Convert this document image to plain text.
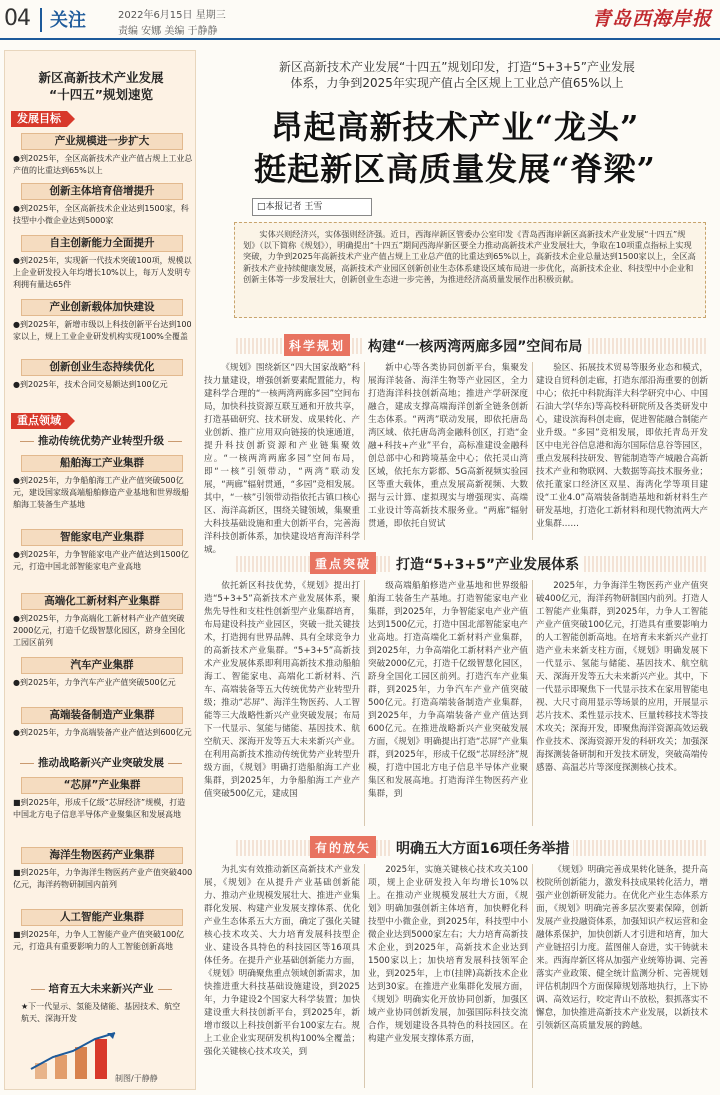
04 关注	2022年6月15日 星期三
责编 安娜 美编 于静静
青岛西海岸报
新区高新技术产业发展
“十四五”规划速览
发展目标
产业规模进一步扩大
●到2025年，全区高新技术产业产值占规上工业总产值的比重达到65%以上
创新主体培育倍增提升
●到2025年，全区高新技术企业达到1500家，科技型中小微企业达到5000家
自主创新能力全面提升
●到2025年，实现新一代技术突破100项，规模以上企业研发投入年均增长10%以上，每万人发明专利拥有量达65件
产业创新载体加快建设
●到2025年，新增市级以上科技创新平台达到100家以上，规上工业企业研发机构实现100%全覆盖
创新创业生态持续优化
●到2025年，技术合同交易额达到100亿元
重点领域
推动传统优势产业转型升级
船舶海工产业集群
●到2025年，力争船舶海工产业产值突破500亿元，建设国家级高端船舶修造产业基地和世界级船舶海工装备生产基地
智能家电产业集群
●到2025年，力争智能家电产业产值达到1500亿元，打造中国北部智能家电产业高地
高端化工新材料产业集群
●到2025年，力争高端化工新材料产业产值突破2000亿元，打造千亿级智慧化园区，跻身全国化工园区前列
汽车产业集群
●到2025年，力争汽车产业产值突破500亿元
高端装备制造产业集群
●到2025年，力争高端装备产业产值达到600亿元
推动战略新兴产业突破发展
“芯屏”产业集群
■到2025年，形成千亿级“芯屏经济”规模，打造中国北方电子信息半导体产业聚集区和发展高地
海洋生物医药产业集群
■到2025年，力争海洋生物医药产业产值突破400亿元，海洋药物研制国内前列
人工智能产业集群
■到2025年，力争人工智能产业产值突破100亿元，打造具有重要影响力的人工智能创新高地
培育五大未来新兴产业
★下一代显示、氢能及储能、基因技术、航空航天、深海开发
制图/于静静
新区高新技术产业发展“十四五”规划印发，打造“5+3+5”产业发展
体系，力争到2025年实现产值占全区规上工业总产值65%以上
昂起高新技术产业“龙头”
挺起新区高质量发展“脊梁”
□本报记者 王雪
实体兴则经济兴，实体强则经济强。近日，西海岸新区管委办公室印发《青岛西海岸新区高新技术产业发展“十四五”规划》（以下简称《规划》），明确提出“十四五”期间西海岸新区要全力推动高新技术产业发展壮大，争取在10项重点指标上实现突破，力争到2025年高新技术产业产值占规上工业总产值的比重达到65%以上，高新技术企业总量达到1500家以上，全区高新技术产业持续健康发展，高新技术产业园区创新创业生态体系建设区域布局进一步优化，高新技术企业、科技型中小企业和创新主体等一步发展壮大，创新创业生态进一步完善，为推进经济高质量发展作出积极贡献。
科学规划	构建“一核两湾两廊多园”空间布局

《规划》围绕新区“四大国家战略”科技力量建设，增强创新要素配置能力，构建科学合理的“一核两湾两廊多园”空间布局，加快科技资源互联互通和开放共享，打造基础研究、技术研发、成果转化、产业创新、推广应用双向链接的快速通道，提升科技创新资源和产业链集聚效应。“一核两湾两廊多园”空间布局，即“一核”引领带动，“两湾”联动发展，“两廊”辐射贯通，“多园”竞相发展。其中，“一核”引领带动指依托古镇口核心区、海洋高新区，围绕关键领域，集聚重大科技基础设施和重大创新平台，完善海洋科技创新体系，加快建设培育海洋科学城。

新中心等各类协同创新平台，集聚发展海洋装备、海洋生物等产业园区，全力打造海洋科技创新高地；推进产学研深度融合，建成支撑高端海洋创新全链条创新生态体系。“两湾”联动发展，即依托唐岛湾区域、依托唐岛湾金融科创区，打造“金融+科技+产业”平台，高标准建设金融科创总部中心和跨境基金中心；依托灵山湾区域，依托东方影都、5G高新视频实验园区等重大载体，重点发展高新视频、大数据与云计算、虚拟现实与增强现实、高端工业设计等高新技术服务业。“两廊”辐射贯通，即依托自贸试

验区、拓展技术贸易等服务业态和模式，建设自贸科创走廊，打造东部沿海重要的创新中心；依托中科院海洋大科学研究中心、中国石油大学(华东)等高校科研院所及各类研发中心，建设滨海科创走廊，促进智能融合制能产业升级。“多园”竞相发展，即依托青岛开发区中电光谷信息港和海尔国际信息谷等园区，重点发展科技研发、智能制造等产城融合高新技术产业和物联网、大数据等高技术服务业；依托董家口经济区双星、海湾化学等项目建设“工业4.0”高端装备制造基地和新材料生产研发基地，打造化工新材料和现代物流两大产业集群……

重点突破	打造“5+3+5”产业发展体系

依托新区科技优势，《规划》提出打造“5+3+5”高新技术产业发展体系，聚焦先导性和支柱性创新型产业集群培育，布局建设科技产业园区，突破一批关键技术，打造拥有世界品牌、具有全球竞争力的高新技术产业集群。“5+3+5”高新技术产业发展体系即利用高新技术推动船舶海工、智能家电、高端化工新材料、汽车、高端装备等五大传统优势产业转型升级；推动“芯屏”、海洋生物医药、人工智能等三大战略性新兴产业突破发展；布局下一代显示、氢能与储能、基因技术、航空航天、深海开发等五大未来新兴产业。在利用高新技术推动传统优势产业转型升级方面，《规划》明确打造船舶海工产业集群，到2025年，力争船舶海工产业产值突破500亿元，建成国

级高端船舶修造产业基地和世界级船舶海工装备生产基地。打造智能家电产业集群，到2025年，力争智能家电产业产值达到1500亿元，打造中国北部智能家电产业高地。打造高端化工新材料产业集群，到2025年，力争高端化工新材料产业产值突破2000亿元，打造千亿级智慧化园区，跻身全国化工园区前列。打造汽车产业集群，到2025年，力争汽车产业产值突破500亿元。打造高端装备制造产业集群，到2025年，力争高端装备产业产值达到600亿元。在推进战略新兴产业突破发展方面，《规划》明确提出打造“芯屏”产业集群，到2025年，形成千亿级“芯屏经济”规模，打造中国北方电子信息半导体产业聚集区和发展高地。打造海洋生物医药产业集群，到

2025年，力争海洋生物医药产业产值突破400亿元，海洋药物研制国内前列。打造人工智能产业集群，到2025年，力争人工智能产业产值突破100亿元，打造具有重要影响力的人工智能创新高地。在培育未来新兴产业打造产业未来新支柱方面，《规划》明确发展下一代显示、氢能与储能、基因技术、航空航天、深海开发等五大未来新兴产业。其中，下一代显示即聚焦下一代显示技术在家用智能电视、大尺寸商用显示等场景的应用，开展显示芯片技术、柔性显示技术、巨量转移技术等技术攻关；深海开发，即聚焦海洋资源高效运载作业技术、深海资源开发的科研攻关；加强深海探测装备研制和开发技术研发，突破高端传感器、高温芯片等深度探测核心技术。

有的放矢	明确五大方面16项任务举措

为扎实有效推动新区高新技术产业发展，《规划》在从提升产业基础创新能力、推动产业规模发展壮大、推进产业集群化发展、构建产业发展支撑体系、优化产业生态体系五大方面，确定了强化关键核心技术攻关、大力培育发展科技型企业、建设各具特色的科技园区等16项具体任务。在提升产业基础创新能力方面，《规划》明确聚焦重点领域创新需求，加快推进重大科技基础设施建设，到2025年，力争建设2个国家大科学装置；加快建设重大科技创新平台，到2025年，新增市级以上科技创新平台100家左右。规上工业企业实现研发机构100%全覆盖；强化关键核心技术攻关，到

2025年，实施关键核心技术攻关100项，规上企业研发投入年均增长10%以上。在推动产业规模发展壮大方面，《规划》明确加强创新主体培育，加快孵化科技型中小微企业，到2025年，科技型中小微企业达到5000家左右；大力培育高新技术企业，到2025年，高新技术企业达到1500家以上；加快培育发展科技领军企业，到2025年，上市(挂牌)高新技术企业达到30家。在推进产业集群化发展方面，《规划》明确实化开放协同创新，加强区域产业协同创新发展，加强国际科技交流合作，规划建设各具特色的科技园区。在构建产业发展支撑体系方面，

《规划》明确完善成果转化链条，提升高校院所创新能力，激发科技成果转化活力，增强产业创新研发能力。在优化产业生态体系方面，《规划》明确完善多层次要素保障，创新发展产业投融资体系，加强知识产权运营和金融体系保护，加快创新人才引进和培育，加大产业链招引力度。蓝图催人奋进，实干铸就未来。西海岸新区将从加强产业统筹协调、完善落实产业政策、健全统计监测分析、完善规划评估机制四个方面保障规划落地执行，上下协调、高效运行，咬定青山不放松，狠抓落实不懈怠，加快推进高新技术产业发展，以新技术引领新区高质量发展的跨越。
